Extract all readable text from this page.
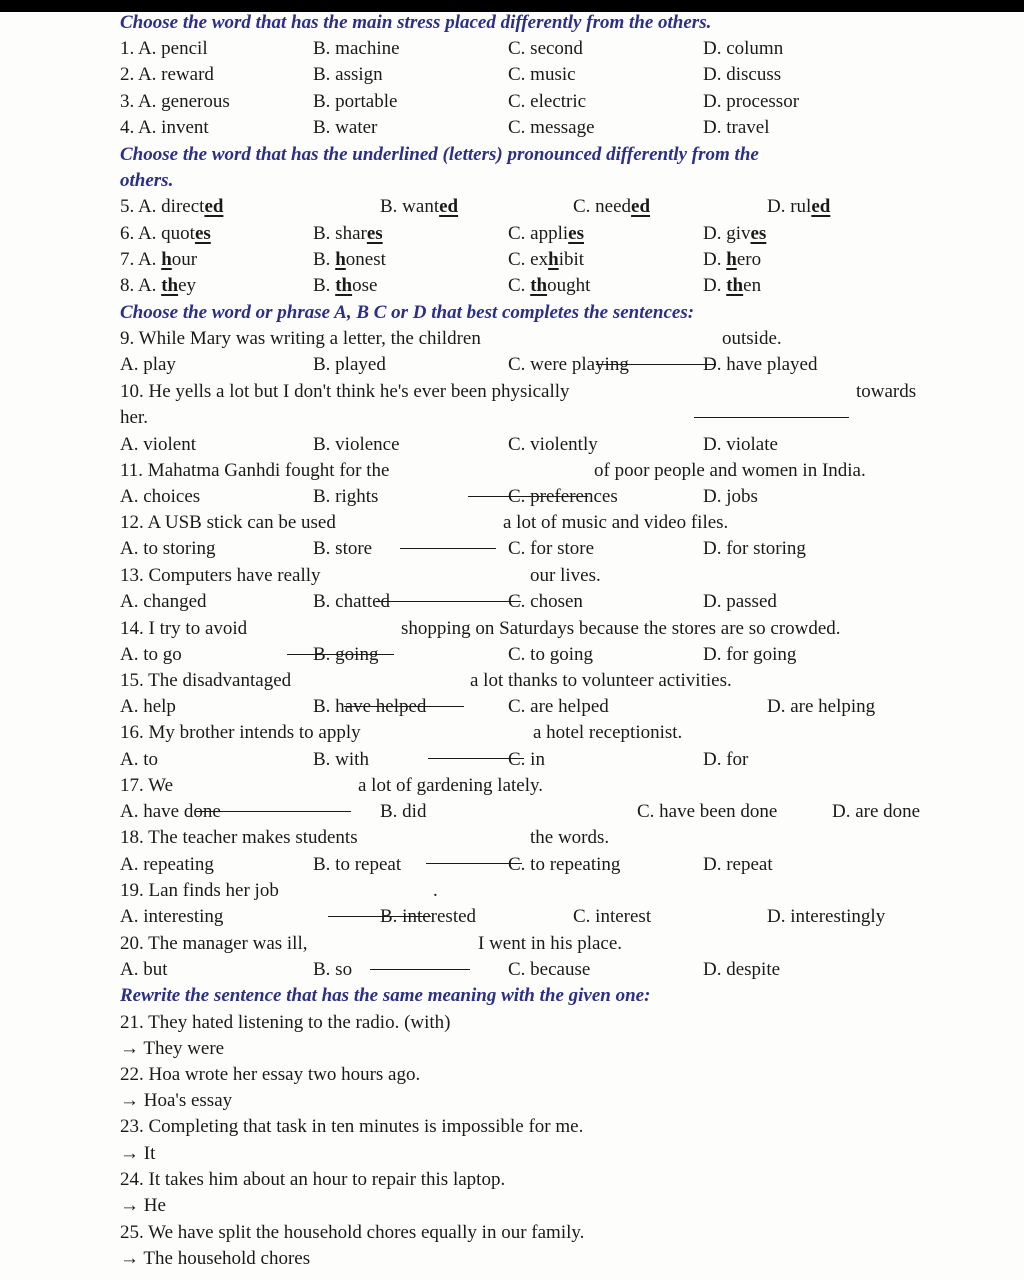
Choose the word that has the main stress placed differently from the others.
1. A. pencil	B. machine	C. second	D. column
2. A. reward	B. assign	C. music	D. discuss
3. A. generous	B. portable	C. electric	D. processor
4. A. invent	B. water	C. message	D. travel
Choose the word that has the underlined (letters) pronounced differently from the
others.
5. A. directed	B. wanted	C. needed	D. ruled
6. A. quotes	B. shares	C. applies	D. gives
7. A. hour	B. honest	C. exhibit	D. hero
8. A. they	B. those	C. thought	D. then
Choose the word or phrase A, B C or D that best completes the sentences:
9. While Mary was writing a letter, the children	outside.
A. play	B. played	C. were playing	D. have played
10. He yells a lot but I don't think he's ever been physically	towards
her.
A. violent	B. violence	C. violently	D. violate
11. Mahatma Ganhdi fought for the	of poor people and women in India.
A. choices	B. rights	C. preferences	D. jobs
12. A USB stick can be used	a lot of music and video files.
A. to storing	B. store	C. for store	D. for storing
13. Computers have really	our lives.
A. changed	B. chatted	C. chosen	D. passed
14. I try to avoid	shopping on Saturdays because the stores are so crowded.
A. to go	B. going	C. to going	D. for going
15. The disadvantaged	a lot thanks to volunteer activities.
A. help	B. have helped	C. are helped	D. are helping
16. My brother intends to apply	a hotel receptionist.
A. to	B. with	C. in	D. for
17. We	a lot of gardening lately.
A. have done	B. did	C. have been done	D. are done
18. The teacher makes students	the words.
A. repeating	B. to repeat	C. to repeating	D. repeat
19. Lan finds her job	.
A. interesting	B. interested	C. interest	D. interestingly
20. The manager was ill,	I went in his place.
A. but	B. so	C. because	D. despite
Rewrite the sentence that has the same meaning with the given one:
21. They hated listening to the radio. (with)
→ They were
22. Hoa wrote her essay two hours ago.
→ Hoa's essay
23. Completing that task in ten minutes is impossible for me.
→ It
24. It takes him about an hour to repair this laptop.
→ He
25. We have split the household chores equally in our family.
→ The household chores
